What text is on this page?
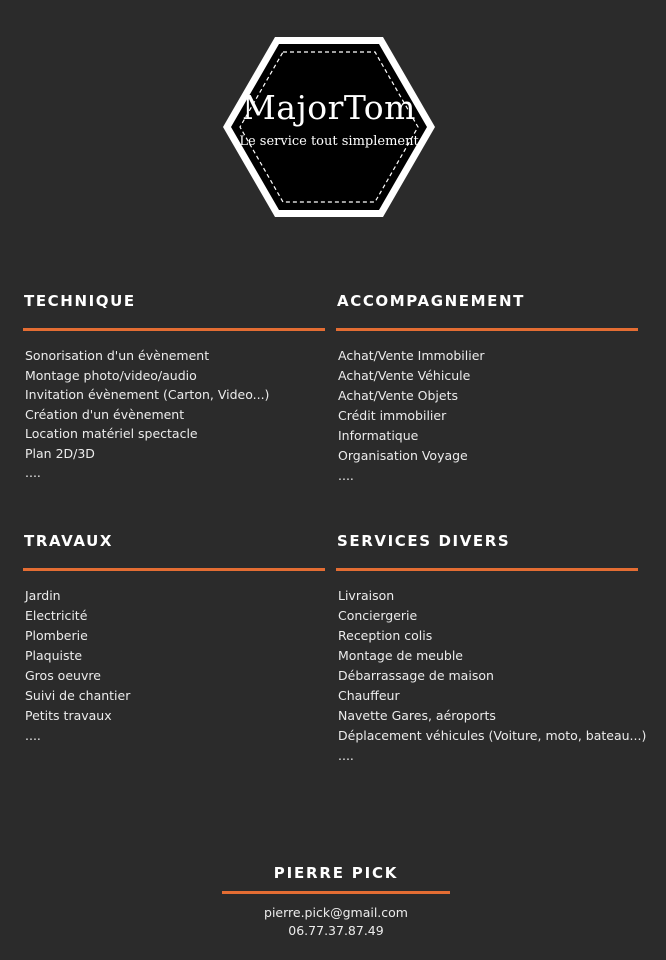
MajorTom
Le service tout simplement
TECHNIQUE
Sonorisation d'un évènement
Montage photo/video/audio
Invitation évènement (Carton, Video...)
Création d'un évènement
Location matériel spectacle
Plan 2D/3D
....
ACCOMPAGNEMENT
Achat/Vente Immobilier
Achat/Vente Véhicule
Achat/Vente Objets
Crédit immobilier
Informatique
Organisation Voyage
....
TRAVAUX
Jardin
Electricité
Plomberie
Plaquiste
Gros oeuvre
Suivi de chantier
Petits travaux
....
SERVICES DIVERS
Livraison
Conciergerie
Reception colis
Montage de meuble
Débarrassage de maison
Chauffeur
Navette Gares, aéroports
Déplacement véhicules (Voiture, moto, bateau...)
....
PIERRE PICK
pierre.pick@gmail.com
06.77.37.87.49
